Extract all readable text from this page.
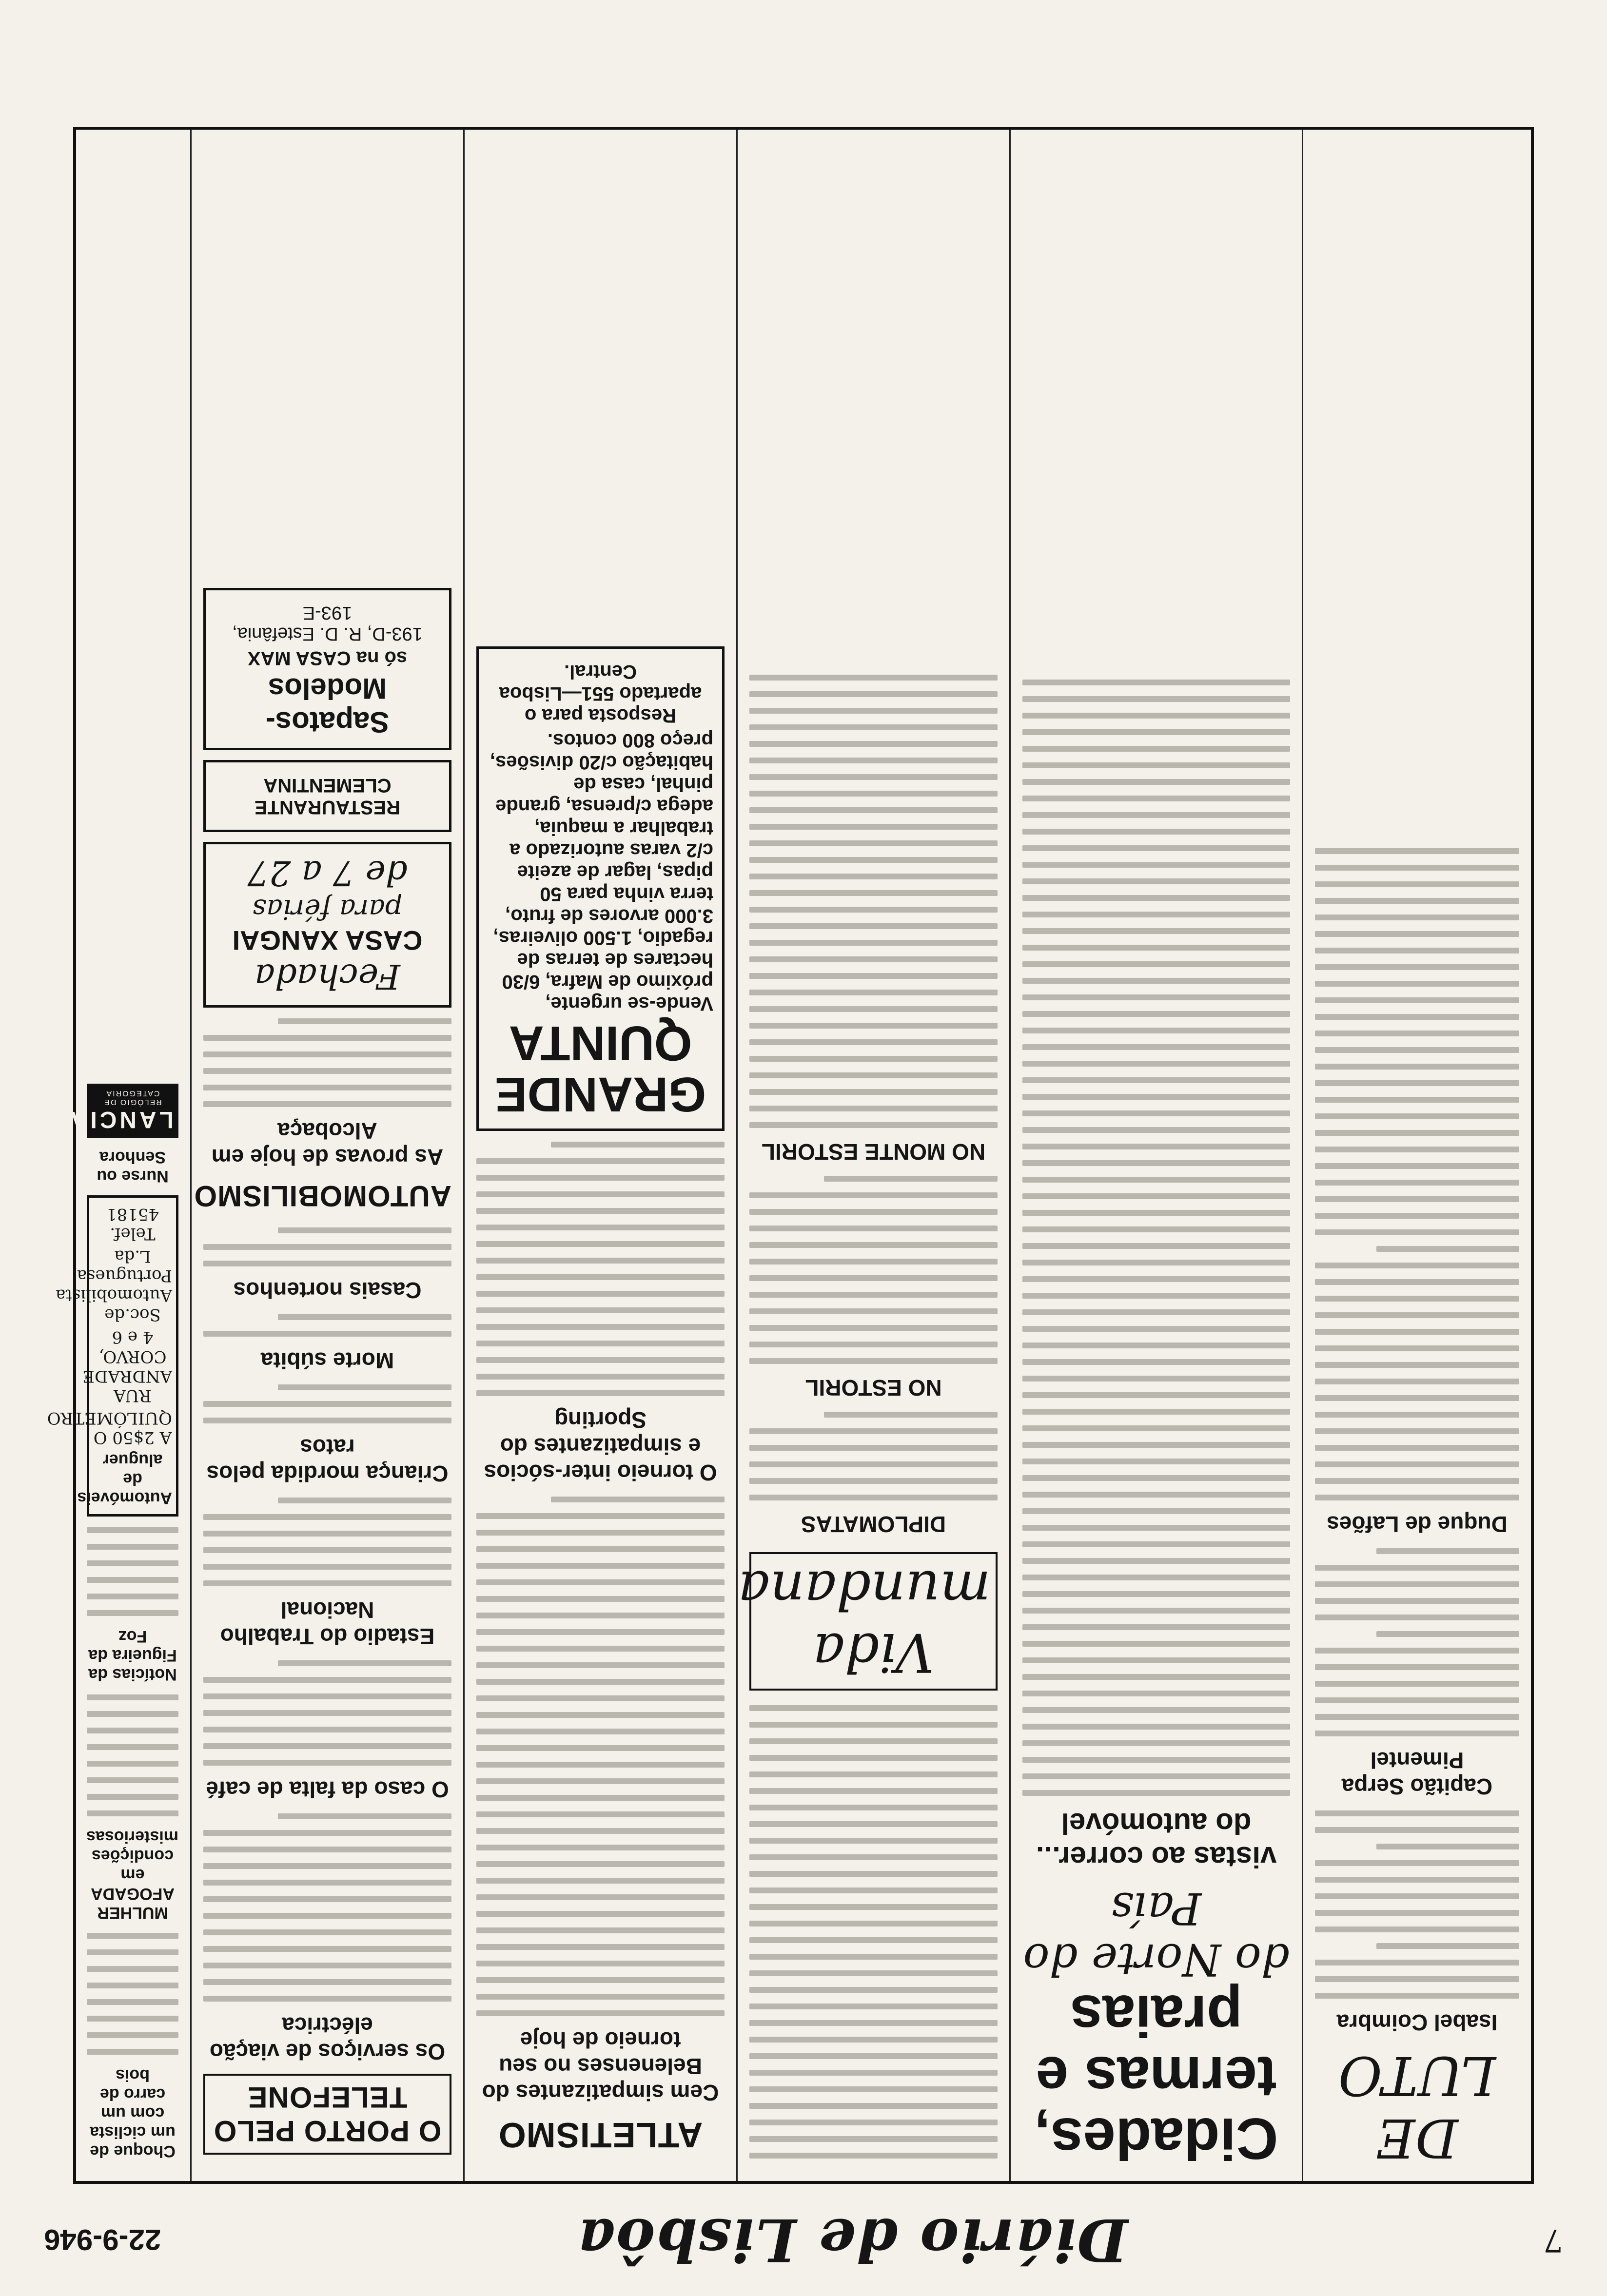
7
Diário de Lisbôa
22-9-946
DE LUTO
Isabel Coimbra
Capitão Serpa Pimentel
Duque de Lafões
Cidades, termas e praias
do Norte do País
vistas ao correr... do automóvel
Vida mundana
DIPLOMATAS
NO ESTORIL
NO MONTE ESTORIL
ATLETISMO
Cem simpatizantes do Belenenses no seu torneio de hoje
O torneio inter-sócios e simpatizantes do Sporting
GRANDE QUINTA
Vende-se urgente, próximo de Mafra, 6/30 hectares de terras de regadio, 1.500 oliveiras, 3.000 arvores de fruto, terra vinha para 50 pipas, lagar de azeite c/2 varas autorizado a trabalhar a maquia, adega c/prensa, grande pinhal, casa de habitação c/20 divisões, preço 800 contos.
Resposta para o apartado 551—Lisboa Central.
O PORTO PELO TELEFONE
Os serviços de viação eléctrica
O caso da falta de café
Estadio do Trabalho Nacional
Criança mordida pelos ratos
Morte súbita
Casais nortenhos
AUTOMOBILISMO
As provas de hoje em Alcobaça
Fechada
CASA XANGAI
para férias
de 7 a 27
RESTAURANTE CLEMENTINA
Sapatos-Modelos
só na CASA MAX
193-D, R. D. Estefânia, 193-E
Choque de um ciclista com um carro de bois
MULHER AFOGADA em condições misteriosas
Notícias da Figueira da Foz
Automóveis de aluguer
A 2$50 O QUILÓMETRO
RUA ANDRADE CORVO, 4 e 6
Soc.de Automobilista Portuguesa, L.da
Telef. 45181
Nurse ou Senhora
LANCIA
RELÓGIO DE CATEGORIA
